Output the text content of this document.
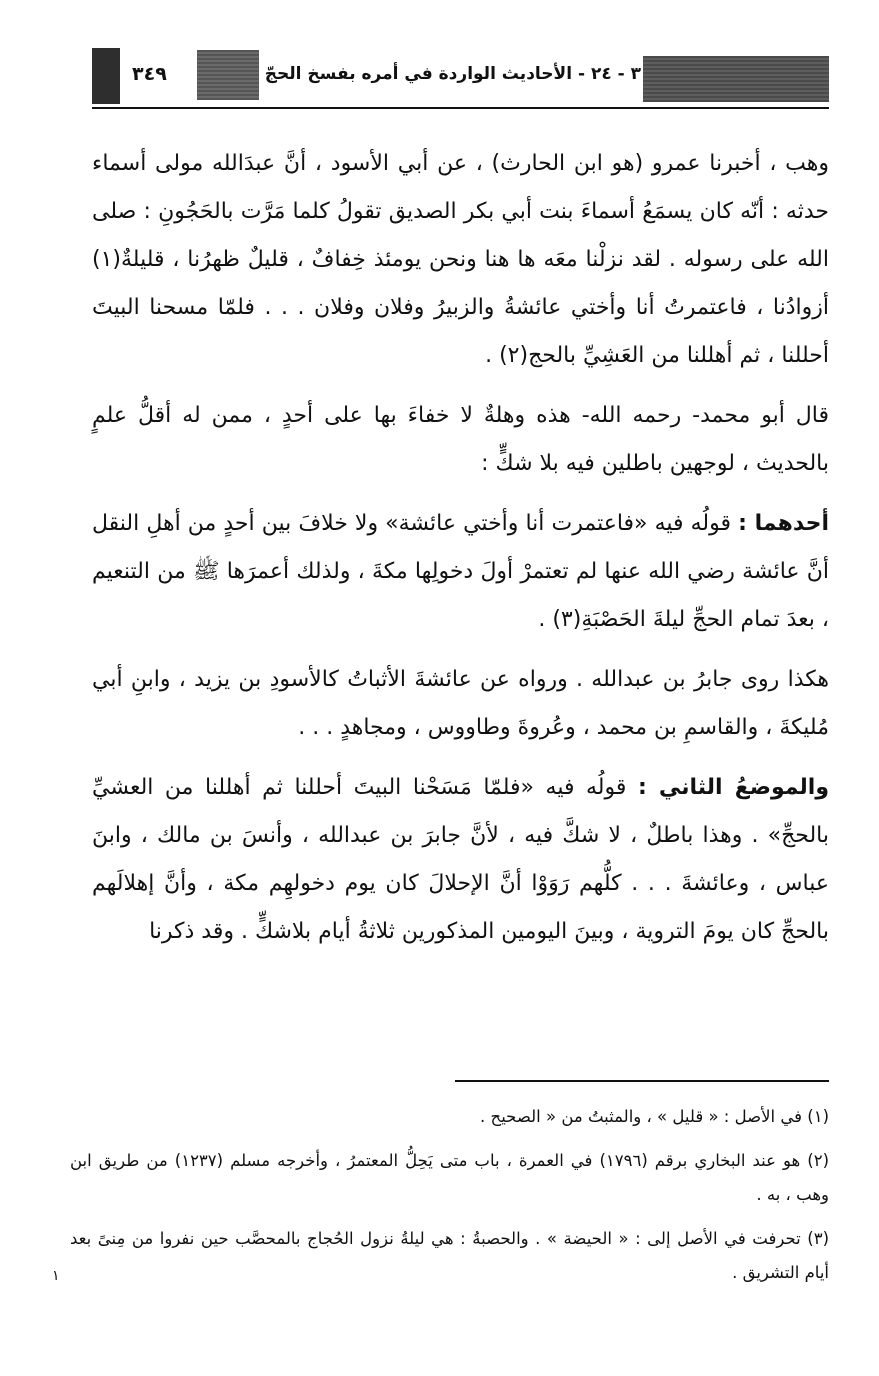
٣٤٩	٣ - ٢٤ - الأحاديث الواردة في أمره بفسخ الحجّ

وهب ، أخبرنا عمرو (هو ابن الحارث) ، عن أبي الأسود ، أنَّ عبدَالله مولى أسماء حدثه : أنّه كان يسمَعُ أسماءَ بنت أبي بكر الصديق تقولُ كلما مَرَّت بالحَجُونِ : صلى الله على رسوله . لقد نزلْنا معَه ها هنا ونحن يومئذ خِفافٌ ، قليلٌ ظهرُنا ، قليلةٌ(١) أزوادُنا ، فاعتمرتُ أنا وأختي عائشةُ والزبيرُ وفلان وفلان . . . فلمّا مسحنا البيتَ أحللنا ، ثم أهللنا من العَشِيِّ بالحج(٢) .

قال أبو محمد- رحمه الله- هذه وهلةٌ لا خفاءَ بها على أحدٍ ، ممن له أقلُّ علمٍ بالحديث ، لوجهين باطلين فيه بلا شكٍّ :

أحدهما : قولُه فيه «فاعتمرت أنا وأختي عائشة» ولا خلافَ بين أحدٍ من أهلِ النقل أنَّ عائشة رضي الله عنها لم تعتمرْ أولَ دخولِها مكةَ ، ولذلك أعمرَها ﷺ من التنعيم ، بعدَ تمام الحجِّ ليلةَ الحَصْبَةِ(٣) .

هكذا روى جابرُ بن عبدالله . ورواه عن عائشةَ الأثباتُ كالأسودِ بن يزيد ، وابنِ أبي مُليكةَ ، والقاسمِ بن محمد ، وعُروةَ وطاووس ، ومجاهدٍ . . .

والموضعُ الثاني : قولُه فيه «فلمّا مَسَحْنا البيتَ أحللنا ثم أهللنا من العشيِّ بالحجِّ» . وهذا باطلٌ ، لا شكَّ فيه ، لأنَّ جابرَ بن عبدالله ، وأنسَ بن مالك ، وابنَ عباس ، وعائشةَ . . . كلُّهم رَوَوْا أنَّ الإحلالَ كان يوم دخولهِم مكة ، وأنَّ إهلالَهم بالحجِّ كان يومَ التروية ، وبينَ اليومين المذكورين ثلاثةُ أيام بلاشكٍّ . وقد ذكرنا

(١) في الأصل : « قليل » ، والمثبتُ من « الصحيح .

(٢) هو عند البخاري برقم (١٧٩٦) في العمرة ، باب متى يَحِلُّ المعتمرُ ، وأخرجه مسلم (١٢٣٧) من طريق ابن وهب ، به .

(٣) تحرفت في الأصل إلى : « الحيضة » . والحصبةُ : هي ليلةُ نزول الحُجاج بالمحصَّب حين نفروا من مِنىً بعد أيام التشريق .

١
